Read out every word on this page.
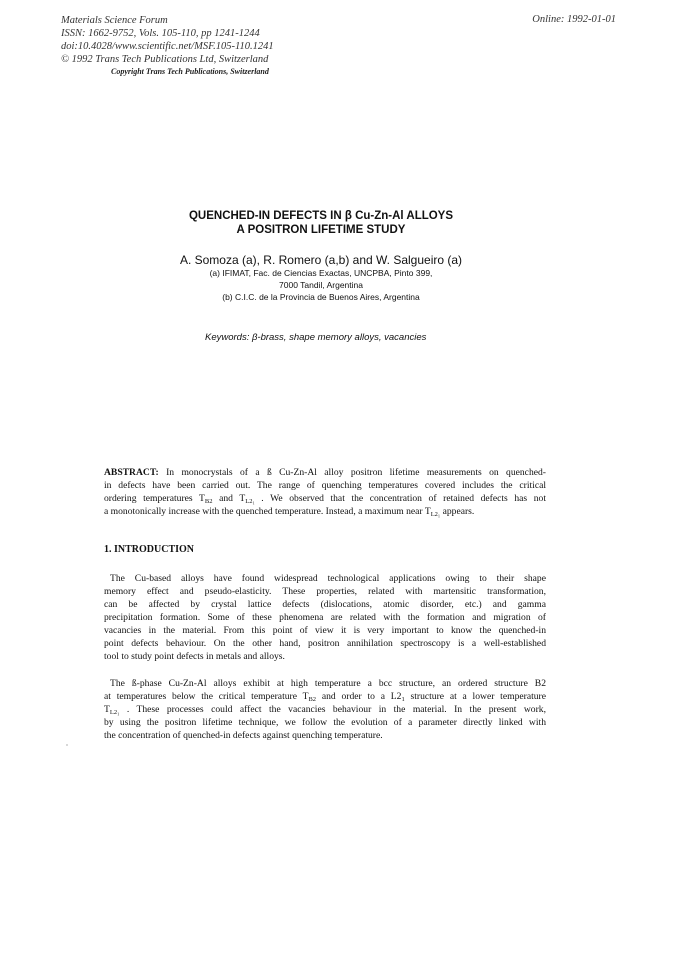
Materials Science Forum
ISSN: 1662-9752, Vols. 105-110, pp 1241-1244
doi:10.4028/www.scientific.net/MSF.105-110.1241
© 1992 Trans Tech Publications Ltd, Switzerland
Online: 1992-01-01
Copyright Trans Tech Publications, Switzerland
QUENCHED-IN DEFECTS IN β Cu-Zn-Al ALLOYS
A POSITRON LIFETIME STUDY
A. Somoza (a), R. Romero (a,b) and W. Salgueiro (a)
(a) IFIMAT, Fac. de Ciencias Exactas, UNCPBA, Pinto 399,
7000 Tandil, Argentina
(b) C.I.C. de la Provincia de Buenos Aires, Argentina
Keywords: β-brass, shape memory alloys, vacancies
ABSTRACT: In monocrystals of a ß Cu-Zn-Al alloy positron lifetime measurements on quenched-
in defects have been carried out. The range of quenching temperatures covered includes the critical
ordering temperatures $T_{B2}$ and $T_{L2_1}$ . We observed that the concentration of retained defects has not
a monotonically increase with the quenched temperature. Instead, a maximum near $T_{L2_1}$ appears.
1. INTRODUCTION
The Cu-based alloys have found widespread technological applications owing to their shape
memory effect and pseudo-elasticity. These properties, related with martensitic transformation,
can be affected by crystal lattice defects (dislocations, atomic disorder, etc.) and gamma
precipitation formation. Some of these phenomena are related with the formation and migration of
vacancies in the material. From this point of view it is very important to know the quenched-in
point defects behaviour. On the other hand, positron annihilation spectroscopy is a well-established
tool to study point defects in metals and alloys.
The ß-phase Cu-Zn-Al alloys exhibit at high temperature a bcc structure, an ordered structure B2
at temperatures below the critical temperature $T_{B2}$ and order to a $L2_1$ structure at a lower temperature
$T_{L2_1}$ . These processes could affect the vacancies behaviour in the material. In the present work,
by using the positron lifetime technique, we follow the evolution of a parameter directly linked with
the concentration of quenched-in defects against quenching temperature.
